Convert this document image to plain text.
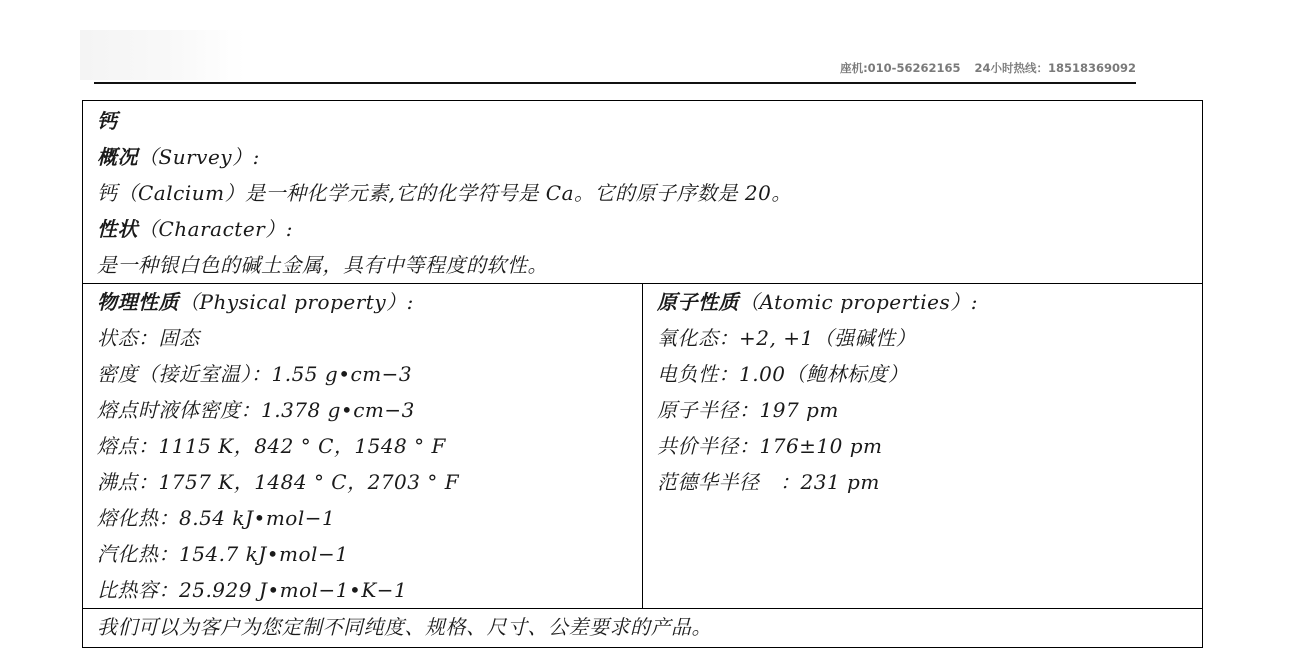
座机:010-56262165 24小时热线：18518369092
钙
概况（Survey）:
钙（Calcium）是一种化学元素,它的化学符号是 Ca。它的原子序数是 20。
性状（Character）:
是一种银白色的碱土金属，具有中等程度的软性。

物理性质（Physical property）:
状态：固态
密度（接近室温）：1.55 g•cm−3
熔点时液体密度：1.378 g•cm−3
熔点：1115 K，842 ° C，1548 ° F
沸点：1757 K，1484 ° C，2703 ° F
熔化热：8.54 kJ•mol−1
汽化热：154.7 kJ•mol−1
比热容：25.929 J•mol−1•K−1

原子性质（Atomic properties）:
氧化态：+2, +1（强碱性）
电负性：1.00（鲍林标度）
原子半径：197 pm
共价半径：176±10 pm
范德华半径　：231 pm

我们可以为客户为您定制不同纯度、规格、尺寸、公差要求的产品。
